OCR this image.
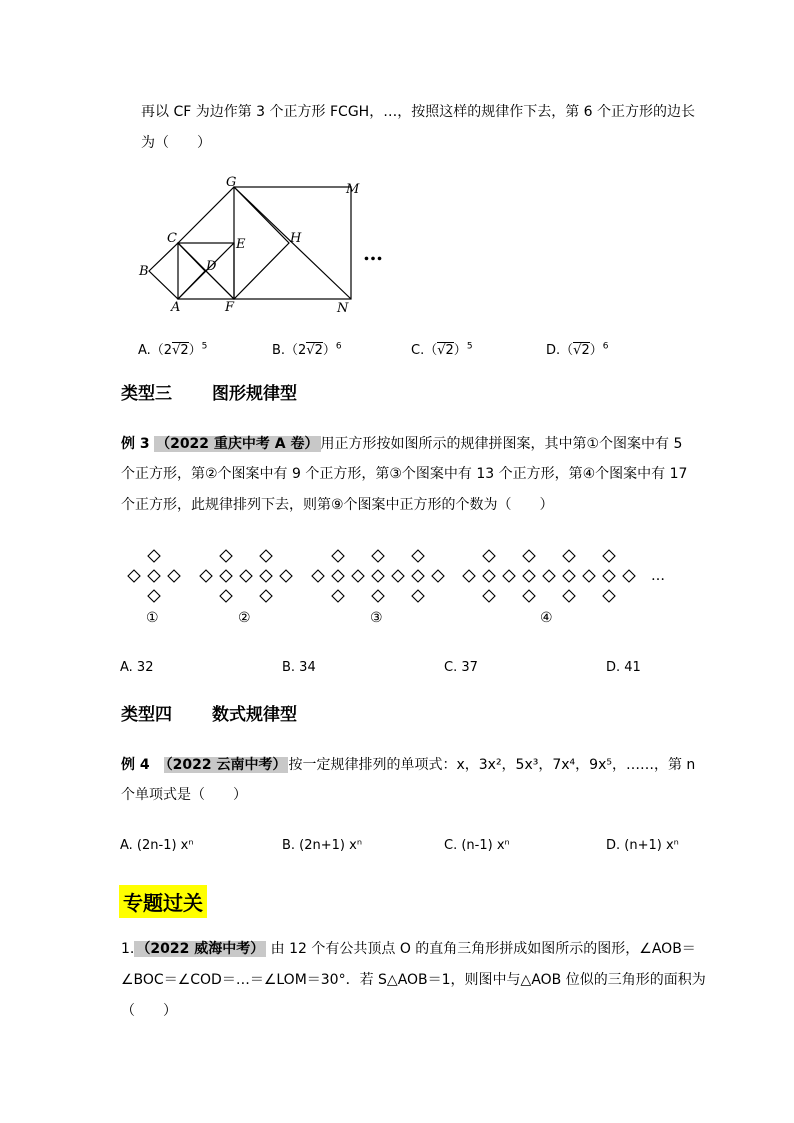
再以 CF 为边作第 3 个正方形 FCGH，…，按照这样的规律作下去，第 6 个正方形的边长
为（　　）
G	M
C	E	H
B	D
A	F	N
…
$A.(2√2)^5$	$B.(2√2)^6$	$C.(√2)^5$	$D.(√2)^6$
类型三 图形规律型
例 3 （2022 重庆中考 A 卷） 用正方形按如图所示的规律拼图案，其中第①个图案中有 5
个正方形，第②个图案中有 9 个正方形，第③个图案中有 13 个正方形，第④个图案中有 17
个正方形，此规律排列下去，则第⑨个图案中正方形的个数为（　　）
①	②	③	④
…
A. 32	B. 34	C. 37	D. 41
类型四 数式规律型
例 4　 （2022 云南中考） 按一定规律排列的单项式：x，3x²，5x³，7x⁴，9x⁵，……，第 n
个单项式是（　　）
A. (2n-1) xⁿ	B. (2n+1) xⁿ	C. (n-1) xⁿ	D. (n+1) xⁿ
专题过关
1. （2022 威海中考） 由 12 个有公共顶点 O 的直角三角形拼成如图所示的图形，∠AOB＝
∠BOC＝∠COD＝…＝∠LOM＝30°．若 S△AOB＝1，则图中与△AOB 位似的三角形的面积为
（　　）
